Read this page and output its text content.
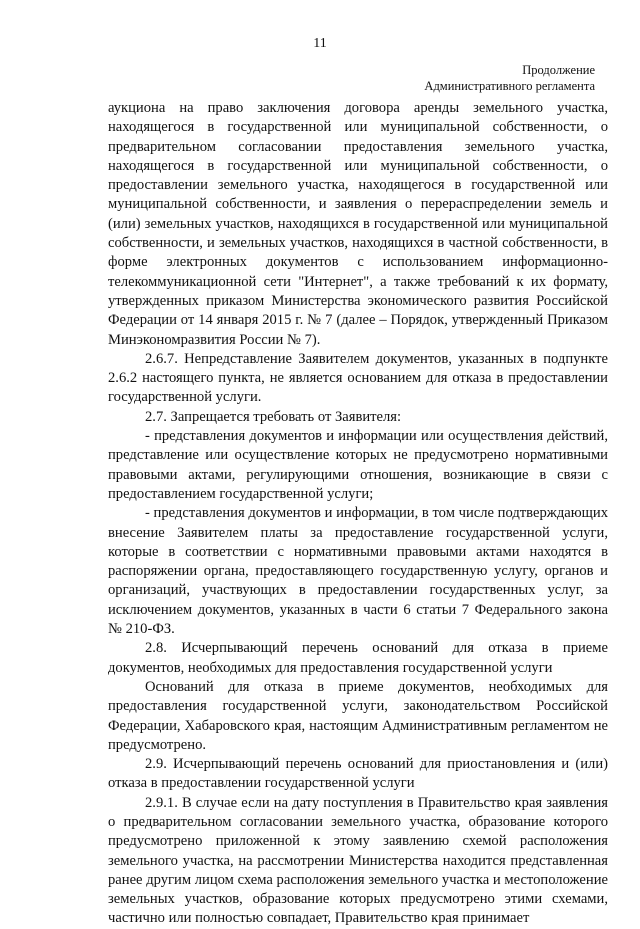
11
Продолжение
Административного регламента

аукциона на право заключения договора аренды земельного участка, находящегося в государственной или муниципальной собственности, о предварительном согласовании предоставления земельного участка, находящегося в государственной или муниципальной собственности, о предоставлении земельного участка, находящегося в государственной или муниципальной собственности, и заявления о перераспределении земель и (или) земельных участков, находящихся в государственной или муниципальной собственности, и земельных участков, находящихся в частной собственности, в форме электронных документов с использованием информационно-телекоммуникационной сети "Интернет", а также требований к их формату, утвержденных приказом Министерства экономического развития Российской Федерации от 14 января 2015 г. № 7 (далее – Порядок, утвержденный Приказом Минэкономразвития России № 7).

2.6.7. Непредставление Заявителем документов, указанных в подпункте 2.6.2 настоящего пункта, не является основанием для отказа в предоставлении государственной услуги.

2.7. Запрещается требовать от Заявителя:

- представления документов и информации или осуществления действий, представление или осуществление которых не предусмотрено нормативными правовыми актами, регулирующими отношения, возникающие в связи с предоставлением государственной услуги;

- представления документов и информации, в том числе подтверждающих внесение Заявителем платы за предоставление государственной услуги, которые в соответствии с нормативными правовыми актами находятся в распоряжении органа, предоставляющего государственную услугу, органов и организаций, участвующих в предоставлении государственных услуг, за исключением документов, указанных в части 6 статьи 7 Федерального закона № 210-ФЗ.

2.8. Исчерпывающий перечень оснований для отказа в приеме документов, необходимых для предоставления государственной услуги

Оснований для отказа в приеме документов, необходимых для предоставления государственной услуги, законодательством Российской Федерации, Хабаровского края, настоящим Административным регламентом не предусмотрено.

2.9. Исчерпывающий перечень оснований для приостановления и (или) отказа в предоставлении государственной услуги

2.9.1. В случае если на дату поступления в Правительство края заявления о предварительном согласовании земельного участка, образование которого предусмотрено приложенной к этому заявлению схемой расположения земельного участка, на рассмотрении Министерства находится представленная ранее другим лицом схема расположения земельного участка и местоположение земельных участков, образование которых предусмотрено этими схемами, частично или полностью совпадает, Правительство края принимает
